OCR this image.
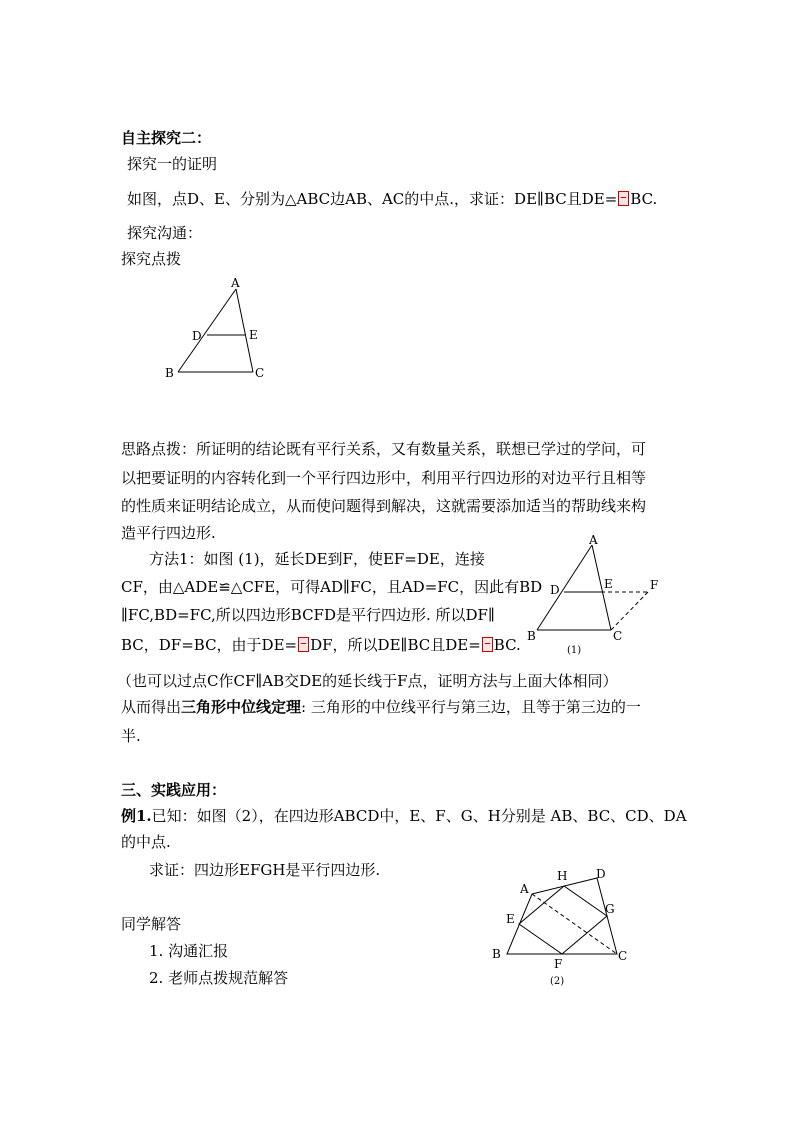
自主探究二：
探究一的证明
如图，点D、E、分别为△ABC边AB、AC的中点.，求证：DE∥BC且DE= BC.
探究沟通：
探究点拨
A
D	E
B	C
A
D	E	F
B	C
(1)
A
H D
E
G
B
F
C
(2)
思路点拨：所证明的结论既有平行关系，又有数量关系，联想已学过的学问，可
以把要证明的内容转化到一个平行四边形中，利用平行四边形的对边平行且相等
的性质来证明结论成立，从而使问题得到解决，这就需要添加适当的帮助线来构
造平行四边形.
方法1：如图 (1)，延长DE到F，使EF=DE，连接
CF，由△ADE≌△CFE，可得AD∥FC，且AD=FC，因此有BD
∥FC,BD=FC,所以四边形BCFD是平行四边形. 所以DF∥
BC，DF=BC，由于DE= DF，所以DE∥BC且DE= BC.
（也可以过点C作CF∥AB交DE的延长线于F点，证明方法与上面大体相同）
从而得出三角形中位线定理: 三角形的中位线平行与第三边，且等于第三边的一
半.
三、实践应用：
例1.已知：如图（2），在四边形ABCD中，E、F、G、H分别是 AB、BC、CD、DA
的中点.
求证：四边形EFGH是平行四边形.
同学解答
1. 沟通汇报
2. 老师点拨规范解答
